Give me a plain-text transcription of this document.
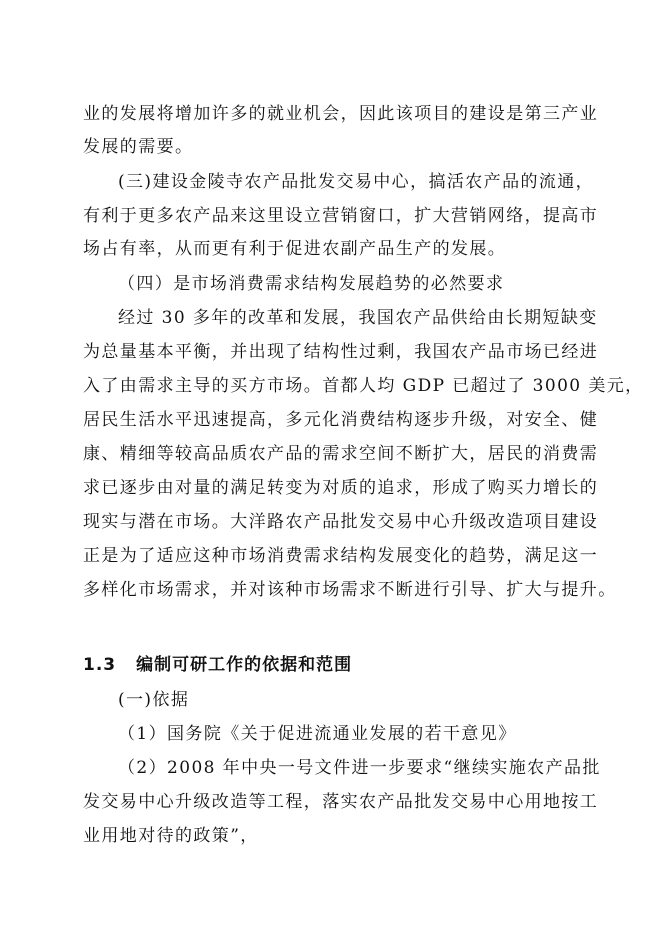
业的发展将增加许多的就业机会，因此该项目的建设是第三产业
发展的需要。
(三)建设金陵寺农产品批发交易中心，搞活农产品的流通，
有利于更多农产品来这里设立营销窗口，扩大营销网络，提高市
场占有率，从而更有利于促进农副产品生产的发展。
（四）是市场消费需求结构发展趋势的必然要求
经过 30 多年的改革和发展，我国农产品供给由长期短缺变
为总量基本平衡，并出现了结构性过剩，我国农产品市场已经进
入了由需求主导的买方市场。首都人均 GDP 已超过了 3000 美元，
居民生活水平迅速提高，多元化消费结构逐步升级，对安全、健
康、精细等较高品质农产品的需求空间不断扩大，居民的消费需
求已逐步由对量的满足转变为对质的追求，形成了购买力增长的
现实与潜在市场。大洋路农产品批发交易中心升级改造项目建设
正是为了适应这种市场消费需求结构发展变化的趋势，满足这一
多样化市场需求，并对该种市场需求不断进行引导、扩大与提升。
1.3 编制可研工作的依据和范围
(一)依据
（1）国务院《关于促进流通业发展的若干意见》
（2）2008 年中央一号文件进一步要求“继续实施农产品批
发交易中心升级改造等工程，落实农产品批发交易中心用地按工
业用地对待的政策”，
